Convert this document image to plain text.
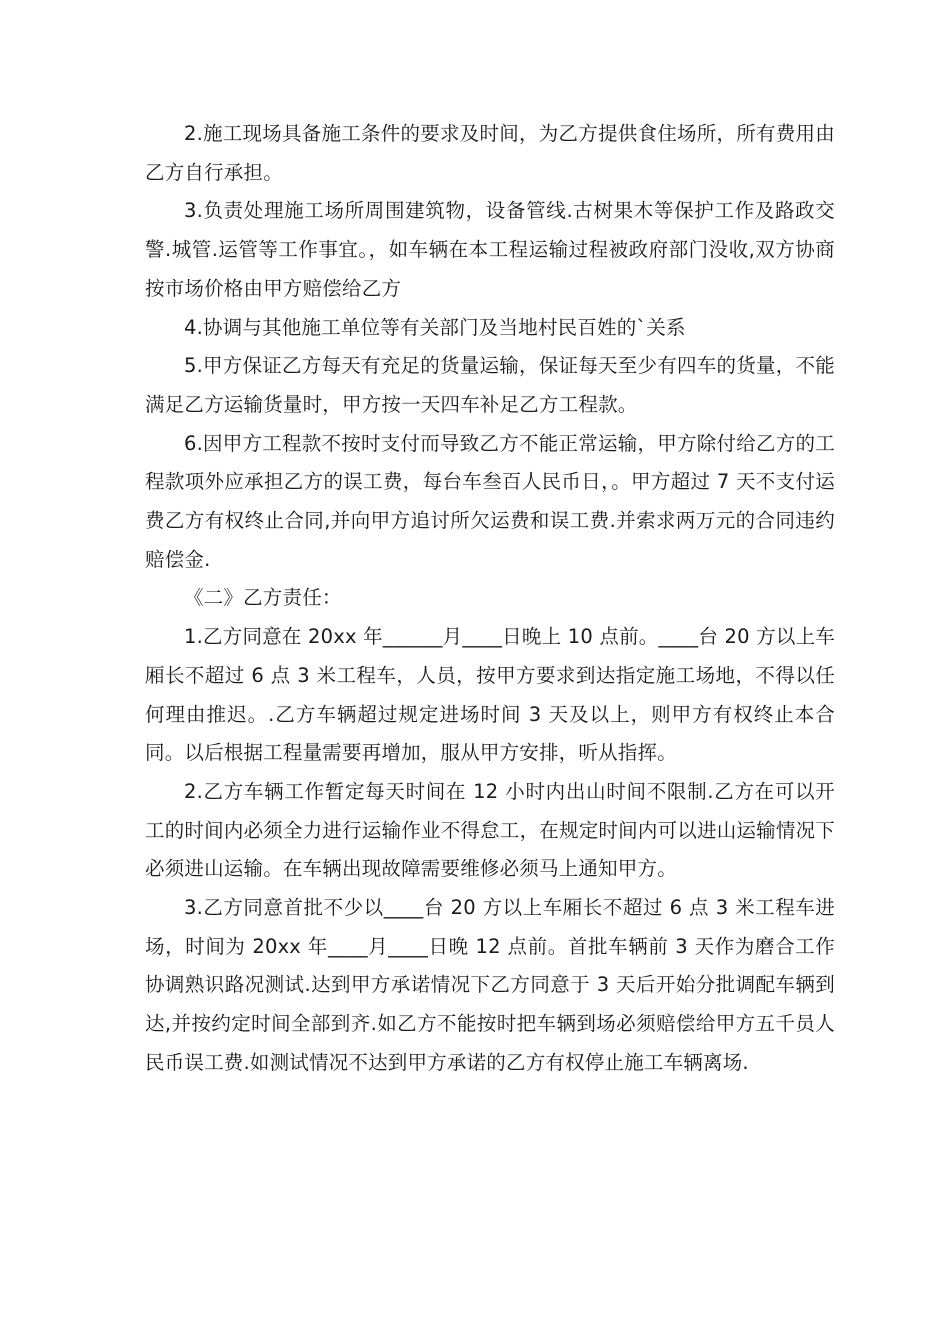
2.施工现场具备施工条件的要求及时间，为乙方提供食住场所，所有费用由乙方自行承担。

3.负责处理施工场所周围建筑物，设备管线.古树果木等保护工作及路政交警.城管.运管等工作事宜。，如车辆在本工程运输过程被政府部门没收,双方协商按市场价格由甲方赔偿给乙方

4.协调与其他施工单位等有关部门及当地村民百姓的`关系

5.甲方保证乙方每天有充足的货量运输，保证每天至少有四车的货量，不能满足乙方运输货量时，甲方按一天四车补足乙方工程款。

6.因甲方工程款不按时支付而导致乙方不能正常运输，甲方除付给乙方的工程款项外应承担乙方的误工费，每台车叁百人民币日，。甲方超过 7 天不支付运费乙方有权终止合同,并向甲方追讨所欠运费和误工费.并索求两万元的合同违约赔偿金.

《二》乙方责任：

1.乙方同意在 20xx 年______月____日晚上 10 点前。____台 20 方以上车厢长不超过 6 点 3 米工程车，人员，按甲方要求到达指定施工场地，不得以任何理由推迟。.乙方车辆超过规定进场时间 3 天及以上，则甲方有权终止本合同。以后根据工程量需要再增加，服从甲方安排，听从指挥。

2.乙方车辆工作暂定每天时间在 12 小时内出山时间不限制.乙方在可以开工的时间内必须全力进行运输作业不得怠工，在规定时间内可以进山运输情况下必须进山运输。在车辆出现故障需要维修必须马上通知甲方。

3.乙方同意首批不少以____台 20 方以上车厢长不超过 6 点 3 米工程车进场，时间为 20xx 年____月____日晚 12 点前。首批车辆前 3 天作为磨合工作协调熟识路况测试.达到甲方承诺情况下乙方同意于 3 天后开始分批调配车辆到达,并按约定时间全部到齐.如乙方不能按时把车辆到场必须赔偿给甲方五千员人民币误工费.如测试情况不达到甲方承诺的乙方有权停止施工车辆离场.
